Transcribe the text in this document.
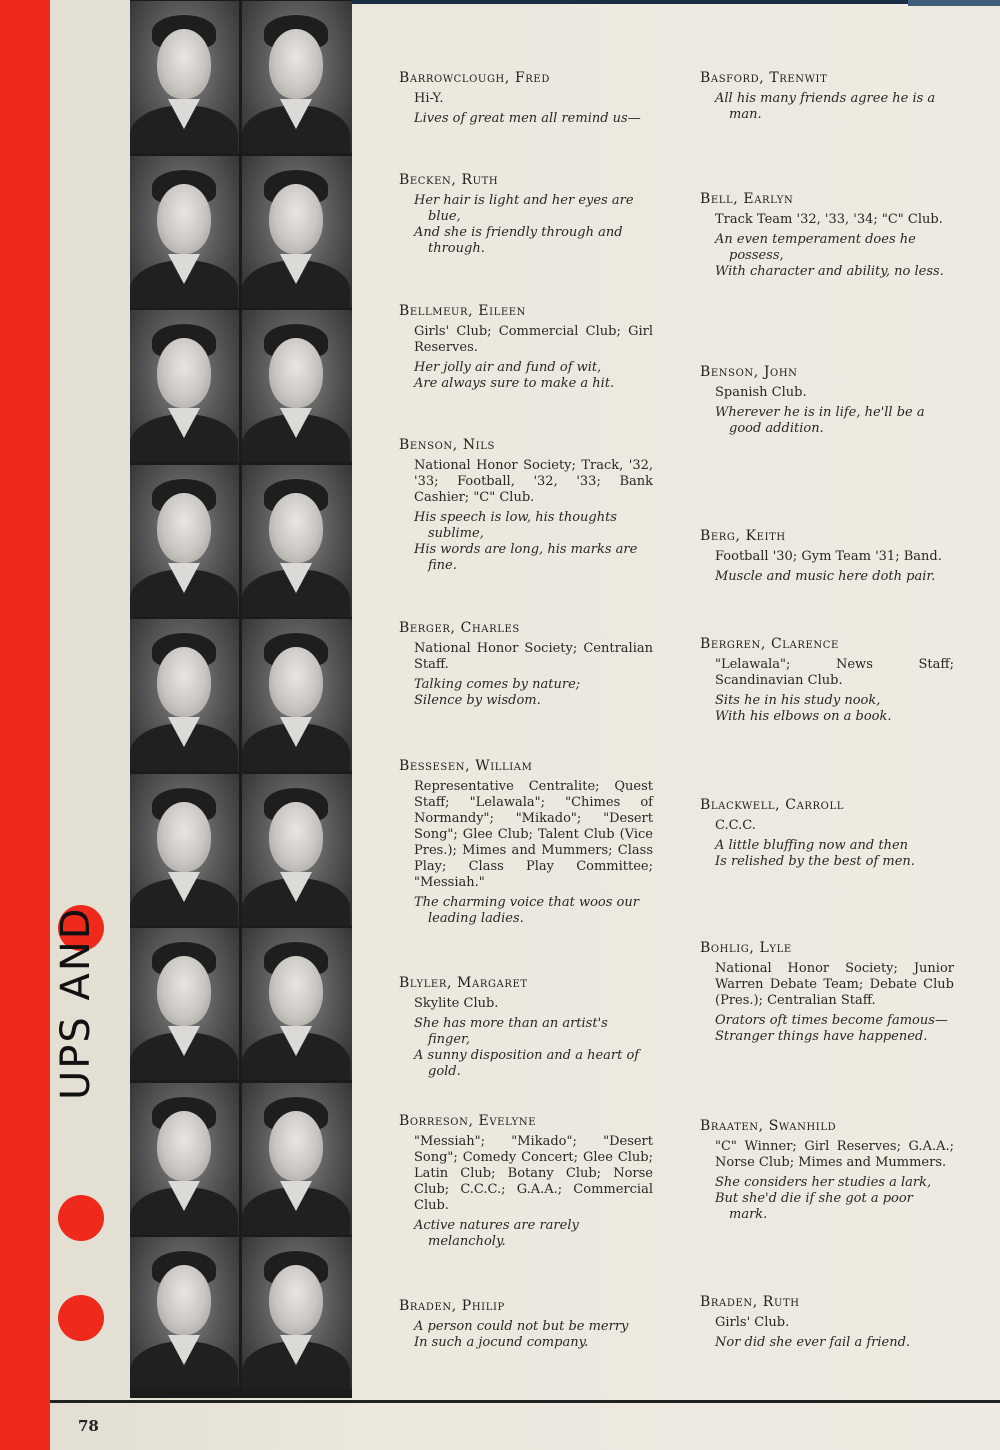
UPS AND
Barrowclough, Fred
Hi-Y.
Lives of great men all remind us—
Becken, Ruth
Her hair is light and her eyes are blue,
And she is friendly through and through.
Bellmeur, Eileen
Girls' Club; Commercial Club; Girl Reserves.
Her jolly air and fund of wit,
Are always sure to make a hit.
Benson, Nils
National Honor Society; Track, '32, '33; Football, '32, '33; Bank Cashier; "C" Club.
His speech is low, his thoughts sublime,
His words are long, his marks are fine.
Berger, Charles
National Honor Society; Centralian Staff.
Talking comes by nature;
Silence by wisdom.
Bessesen, William
Representative Centralite; Quest Staff; "Lelawala"; "Chimes of Normandy"; "Mikado"; "Desert Song"; Glee Club; Talent Club (Vice Pres.); Mimes and Mummers; Class Play; Class Play Committee; "Messiah."
The charming voice that woos our leading ladies.
Blyler, Margaret
Skylite Club.
She has more than an artist's finger,
A sunny disposition and a heart of gold.
Borreson, Evelyne
"Messiah"; "Mikado"; "Desert Song"; Comedy Concert; Glee Club; Latin Club; Botany Club; Norse Club; C.C.C.; G.A.A.; Commercial Club.
Active natures are rarely melancholy.
Braden, Philip
A person could not but be merry
In such a jocund company.
Basford, Trenwit
All his many friends agree he is a man.
Bell, Earlyn
Track Team '32, '33, '34; "C" Club.
An even temperament does he possess,
With character and ability, no less.
Benson, John
Spanish Club.
Wherever he is in life, he'll be a good addition.
Berg, Keith
Football '30; Gym Team '31; Band.
Muscle and music here doth pair.
Bergren, Clarence
"Lelawala"; News Staff; Scandinavian Club.
Sits he in his study nook,
With his elbows on a book.
Blackwell, Carroll
C.C.C.
A little bluffing now and then
Is relished by the best of men.
Bohlig, Lyle
National Honor Society; Junior Warren Debate Team; Debate Club (Pres.); Centralian Staff.
Orators oft times become famous—
Stranger things have happened.
Braaten, Swanhild
"C" Winner; Girl Reserves; G.A.A.; Norse Club; Mimes and Mummers.
She considers her studies a lark,
But she'd die if she got a poor mark.
Braden, Ruth
Girls' Club.
Nor did she ever fail a friend.
78
